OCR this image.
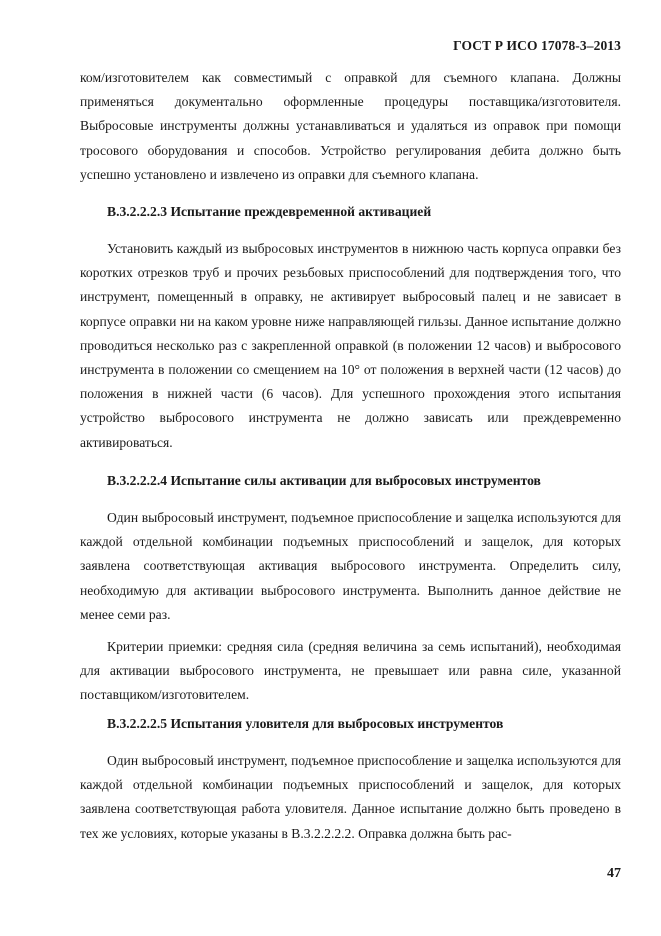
ГОСТ Р ИСО 17078-3–2013

ком/изготовителем как совместимый с оправкой для съемного клапана. Должны применяться документально оформленные процедуры поставщика/изготовителя. Выбросовые инструменты должны устанавливаться и удаляться из оправок при помощи тросового оборудования и способов. Устройство регулирования дебита должно быть успешно установлено и извлечено из оправки для съемного клапана.

B.3.2.2.2.3 Испытание преждевременной активацией

Установить каждый из выбросовых инструментов в нижнюю часть корпуса оправки без коротких отрезков труб и прочих резьбовых приспособлений для подтверждения того, что инструмент, помещенный в оправку, не активирует выбросовый палец и не зависает в корпусе оправки ни на каком уровне ниже направляющей гильзы. Данное испытание должно проводиться несколько раз с закрепленной оправкой (в положении 12 часов) и выбросового инструмента в положении со смещением на 10° от положения в верхней части (12 часов) до положения в нижней части (6 часов). Для успешного прохождения этого испытания устройство выбросового инструмента не должно зависать или преждевременно активироваться.

B.3.2.2.2.4 Испытание силы активации для выбросовых инструментов

Один выбросовый инструмент, подъемное приспособление и защелка используются для каждой отдельной комбинации подъемных приспособлений и защелок, для которых заявлена соответствующая активация выбросового инструмента. Определить силу, необходимую для активации выбросового инструмента. Выполнить данное действие не менее семи раз.

Критерии приемки: средняя сила (средняя величина за семь испытаний), необходимая для активации выбросового инструмента, не превышает или равна силе, указанной поставщиком/изготовителем.

B.3.2.2.2.5 Испытания уловителя для выбросовых инструментов

Один выбросовый инструмент, подъемное приспособление и защелка используются для каждой отдельной комбинации подъемных приспособлений и защелок, для которых заявлена соответствующая работа уловителя. Данное испытание должно быть проведено в тех же условиях, которые указаны в B.3.2.2.2.2. Оправка должна быть рас-

47
